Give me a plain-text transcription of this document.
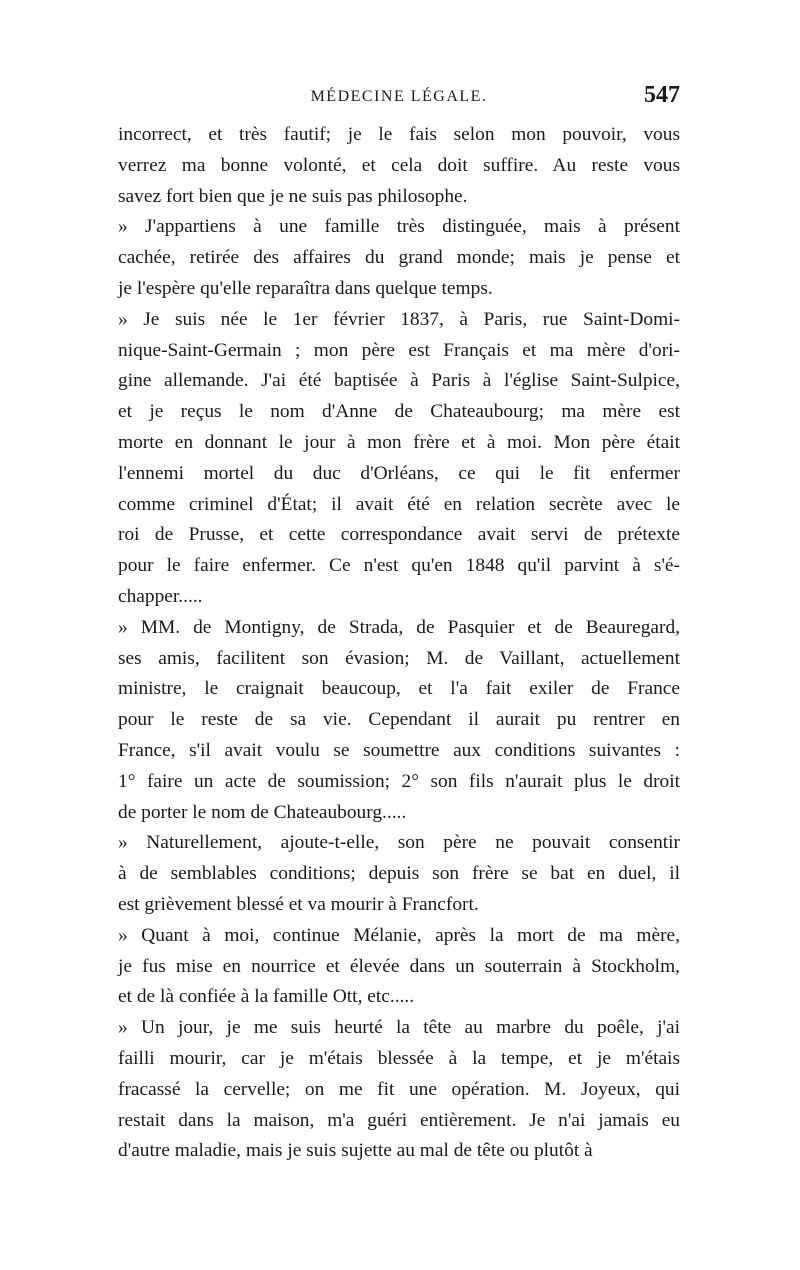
MÉDECINE LÉGALE.	547

incorrect, et très fautif; je le fais selon mon pouvoir, vous
verrez ma bonne volonté, et cela doit suffire. Au reste vous
savez fort bien que je ne suis pas philosophe.

» J'appartiens à une famille très distinguée, mais à présent
cachée, retirée des affaires du grand monde; mais je pense et
je l'espère qu'elle reparaîtra dans quelque temps.

» Je suis née le 1er février 1837, à Paris, rue Saint-Domi-
nique-Saint-Germain ; mon père est Français et ma mère d'ori-
gine allemande. J'ai été baptisée à Paris à l'église Saint-Sulpice,
et je reçus le nom d'Anne de Chateaubourg; ma mère est
morte en donnant le jour à mon frère et à moi. Mon père était
l'ennemi mortel du duc d'Orléans, ce qui le fit enfermer
comme criminel d'État; il avait été en relation secrète avec le
roi de Prusse, et cette correspondance avait servi de prétexte
pour le faire enfermer. Ce n'est qu'en 1848 qu'il parvint à s'é-
chapper.....

» MM. de Montigny, de Strada, de Pasquier et de Beauregard,
ses amis, facilitent son évasion; M. de Vaillant, actuellement
ministre, le craignait beaucoup, et l'a fait exiler de France
pour le reste de sa vie. Cependant il aurait pu rentrer en
France, s'il avait voulu se soumettre aux conditions suivantes :
1° faire un acte de soumission; 2° son fils n'aurait plus le droit
de porter le nom de Chateaubourg.....

» Naturellement, ajoute-t-elle, son père ne pouvait consentir
à de semblables conditions; depuis son frère se bat en duel, il
est grièvement blessé et va mourir à Francfort.

» Quant à moi, continue Mélanie, après la mort de ma mère,
je fus mise en nourrice et élevée dans un souterrain à Stockholm,
et de là confiée à la famille Ott, etc.....

» Un jour, je me suis heurté la tête au marbre du poêle, j'ai
failli mourir, car je m'étais blessée à la tempe, et je m'étais
fracassé la cervelle; on me fit une opération. M. Joyeux, qui
restait dans la maison, m'a guéri entièrement. Je n'ai jamais eu
d'autre maladie, mais je suis sujette au mal de tête ou plutôt à
